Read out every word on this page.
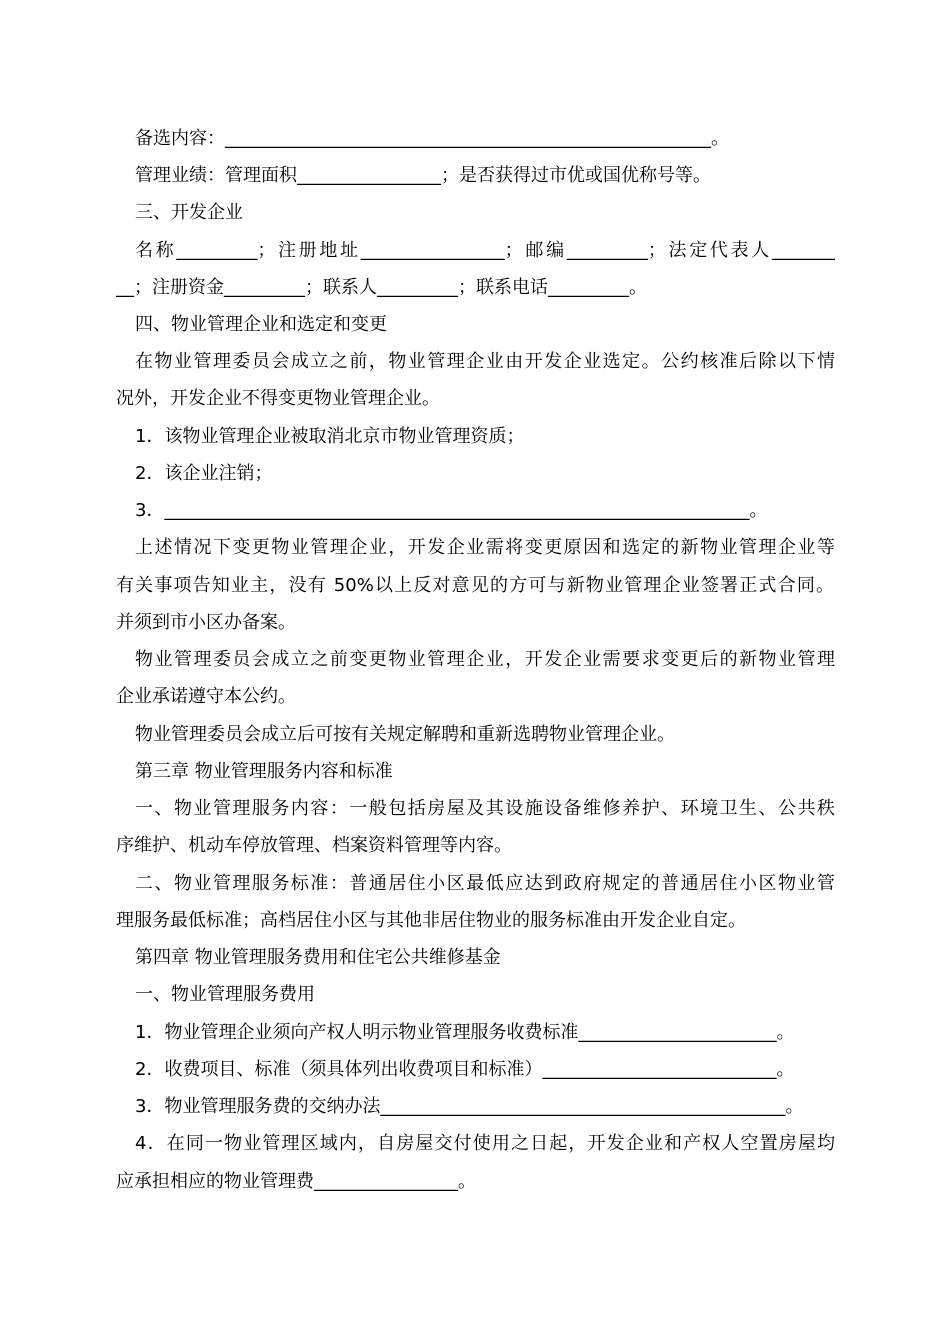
备选内容：______________________________________________________。
管理业绩：管理面积________________；是否获得过市优或国优称号等。
三、开发企业
名称_________；注册地址________________；邮编_________；法定代表人_______
__；注册资金_________；联系人_________；联系电话_________。
四、物业管理企业和选定和变更
在物业管理委员会成立之前，物业管理企业由开发企业选定。公约核准后除以下情
况外，开发企业不得变更物业管理企业。
1．该物业管理企业被取消北京市物业管理资质；
2．该企业注销；
3．_________________________________________________________________。
上述情况下变更物业管理企业，开发企业需将变更原因和选定的新物业管理企业等
有关事项告知业主，没有 50%以上反对意见的方可与新物业管理企业签署正式合同。
并须到市小区办备案。
物业管理委员会成立之前变更物业管理企业，开发企业需要求变更后的新物业管理
企业承诺遵守本公约。
物业管理委员会成立后可按有关规定解聘和重新选聘物业管理企业。
第三章 物业管理服务内容和标准
一、物业管理服务内容：一般包括房屋及其设施设备维修养护、环境卫生、公共秩
序维护、机动车停放管理、档案资料管理等内容。
二、物业管理服务标准：普通居住小区最低应达到政府规定的普通居住小区物业管
理服务最低标准；高档居住小区与其他非居住物业的服务标准由开发企业自定。
第四章 物业管理服务费用和住宅公共维修基金
一、物业管理服务费用
1．物业管理企业须向产权人明示物业管理服务收费标准______________________。
2．收费项目、标准（须具体列出收费项目和标准）__________________________。
3．物业管理服务费的交纳办法_____________________________________________。
4．在同一物业管理区域内，自房屋交付使用之日起，开发企业和产权人空置房屋均
应承担相应的物业管理费________________。
